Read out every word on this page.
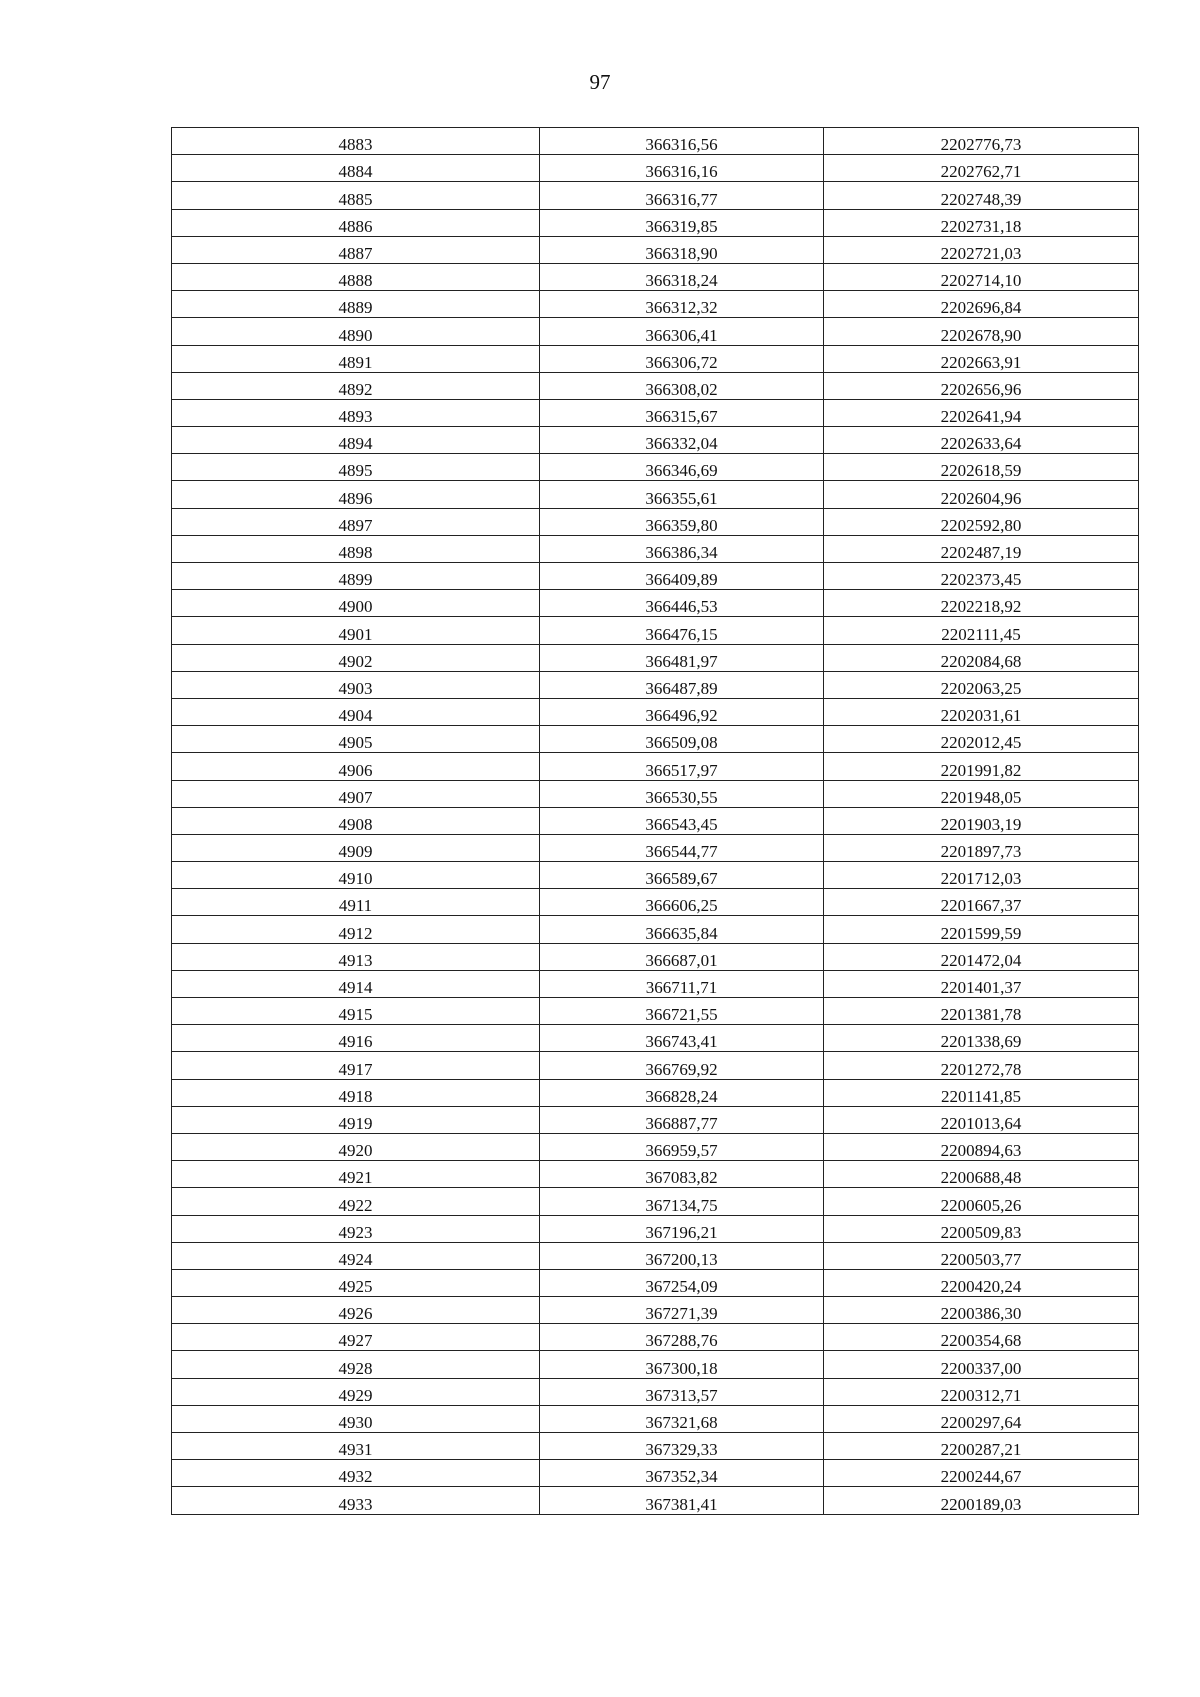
97
4883	366316,56	2202776,73
4884	366316,16	2202762,71
4885	366316,77	2202748,39
4886	366319,85	2202731,18
4887	366318,90	2202721,03
4888	366318,24	2202714,10
4889	366312,32	2202696,84
4890	366306,41	2202678,90
4891	366306,72	2202663,91
4892	366308,02	2202656,96
4893	366315,67	2202641,94
4894	366332,04	2202633,64
4895	366346,69	2202618,59
4896	366355,61	2202604,96
4897	366359,80	2202592,80
4898	366386,34	2202487,19
4899	366409,89	2202373,45
4900	366446,53	2202218,92
4901	366476,15	2202111,45
4902	366481,97	2202084,68
4903	366487,89	2202063,25
4904	366496,92	2202031,61
4905	366509,08	2202012,45
4906	366517,97	2201991,82
4907	366530,55	2201948,05
4908	366543,45	2201903,19
4909	366544,77	2201897,73
4910	366589,67	2201712,03
4911	366606,25	2201667,37
4912	366635,84	2201599,59
4913	366687,01	2201472,04
4914	366711,71	2201401,37
4915	366721,55	2201381,78
4916	366743,41	2201338,69
4917	366769,92	2201272,78
4918	366828,24	2201141,85
4919	366887,77	2201013,64
4920	366959,57	2200894,63
4921	367083,82	2200688,48
4922	367134,75	2200605,26
4923	367196,21	2200509,83
4924	367200,13	2200503,77
4925	367254,09	2200420,24
4926	367271,39	2200386,30
4927	367288,76	2200354,68
4928	367300,18	2200337,00
4929	367313,57	2200312,71
4930	367321,68	2200297,64
4931	367329,33	2200287,21
4932	367352,34	2200244,67
4933	367381,41	2200189,03
